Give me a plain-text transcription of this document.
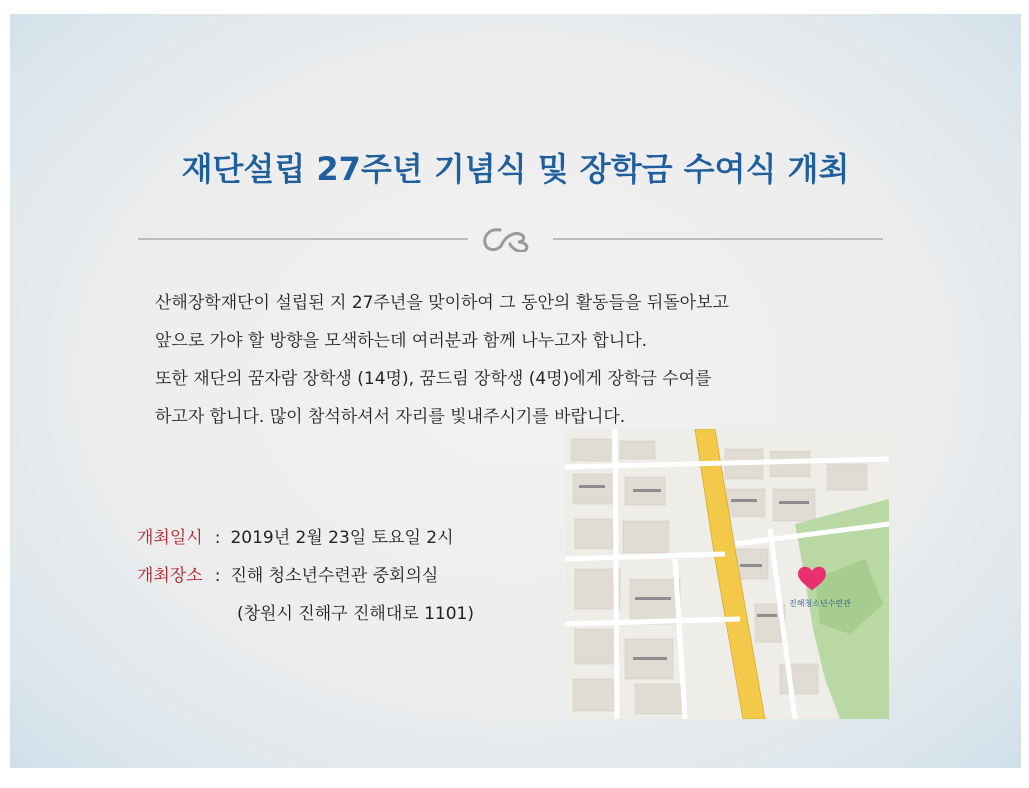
재단설립 27주년 기념식 및 장학금 수여식 개최
산해장학재단이 설립된 지 27주년을 맞이하여 그 동안의 활동들을 뒤돌아보고
앞으로 가야 할 방향을 모색하는데 여러분과 함께 나누고자 합니다.
또한 재단의 꿈자람 장학생 (14명), 꿈드림 장학생 (4명)에게 장학금 수여를
하고자 합니다. 많이 참석하셔서 자리를 빛내주시기를 바랍니다.
개최일시 : 2019년 2월 23일 토요일 2시
개최장소 : 진해 청소년수련관 중회의실
(창원시 진해구 진해대로 1101)
진해청소년수련관
